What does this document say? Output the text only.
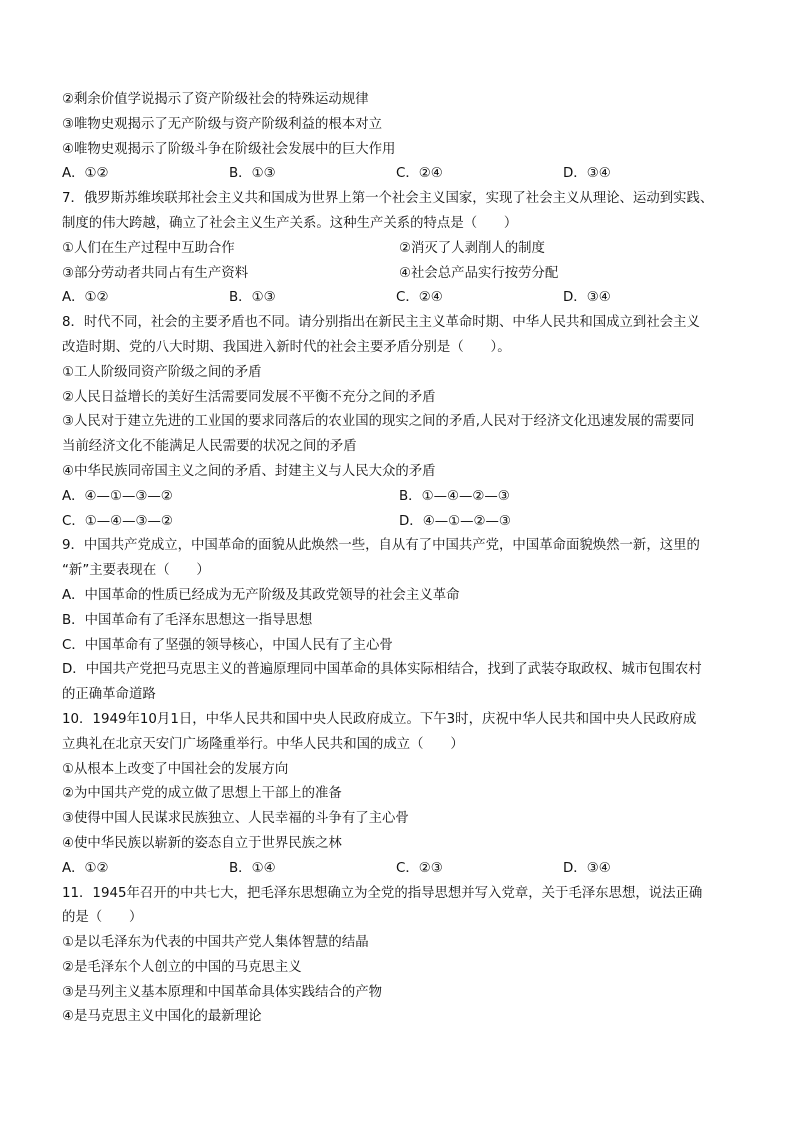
②剩余价值学说揭示了资产阶级社会的特殊运动规律
③唯物史观揭示了无产阶级与资产阶级利益的根本对立
④唯物史观揭示了阶级斗争在阶级社会发展中的巨大作用
A．①②	B．①③	C．②④	D．③④
7．俄罗斯苏维埃联邦社会主义共和国成为世界上第一个社会主义国家，实现了社会主义从理论、运动到实践、
制度的伟大跨越，确立了社会主义生产关系。这种生产关系的特点是（　　）
①人们在生产过程中互助合作	②消灭了人剥削人的制度
③部分劳动者共同占有生产资料	④社会总产品实行按劳分配
A．①②	B．①③	C．②④	D．③④
8．时代不同，社会的主要矛盾也不同。请分别指出在新民主主义革命时期、中华人民共和国成立到社会主义
改造时期、党的八大时期、我国进入新时代的社会主要矛盾分别是（　　）。
①工人阶级同资产阶级之间的矛盾
②人民日益增长的美好生活需要同发展不平衡不充分之间的矛盾
③人民对于建立先进的工业国的要求同落后的农业国的现实之间的矛盾,人民对于经济文化迅速发展的需要同
当前经济文化不能满足人民需要的状况之间的矛盾
④中华民族同帝国主义之间的矛盾、封建主义与人民大众的矛盾
A．④—①—③—②	B．①—④—②—③
C．①—④—③—②	D．④—①—②—③
9．中国共产党成立，中国革命的面貌从此焕然一些，自从有了中国共产党，中国革命面貌焕然一新，这里的
“新”主要表现在（　　）
A．中国革命的性质已经成为无产阶级及其政党领导的社会主义革命
B．中国革命有了毛泽东思想这一指导思想
C．中国革命有了坚强的领导核心，中国人民有了主心骨
D．中国共产党把马克思主义的普遍原理同中国革命的具体实际相结合，找到了武装夺取政权、城市包围农村
的正确革命道路
10．1949年10月1日，中华人民共和国中央人民政府成立。下午3时，庆祝中华人民共和国中央人民政府成
立典礼在北京天安门广场隆重举行。中华人民共和国的成立（　　）
①从根本上改变了中国社会的发展方向
②为中国共产党的成立做了思想上干部上的准备
③使得中国人民谋求民族独立、人民幸福的斗争有了主心骨
④使中华民族以崭新的姿态自立于世界民族之林
A．①②	B．①④	C．②③	D．③④
11．1945年召开的中共七大，把毛泽东思想确立为全党的指导思想并写入党章，关于毛泽东思想，说法正确
的是（　　）
①是以毛泽东为代表的中国共产党人集体智慧的结晶
②是毛泽东个人创立的中国的马克思主义
③是马列主义基本原理和中国革命具体实践结合的产物
④是马克思主义中国化的最新理论
